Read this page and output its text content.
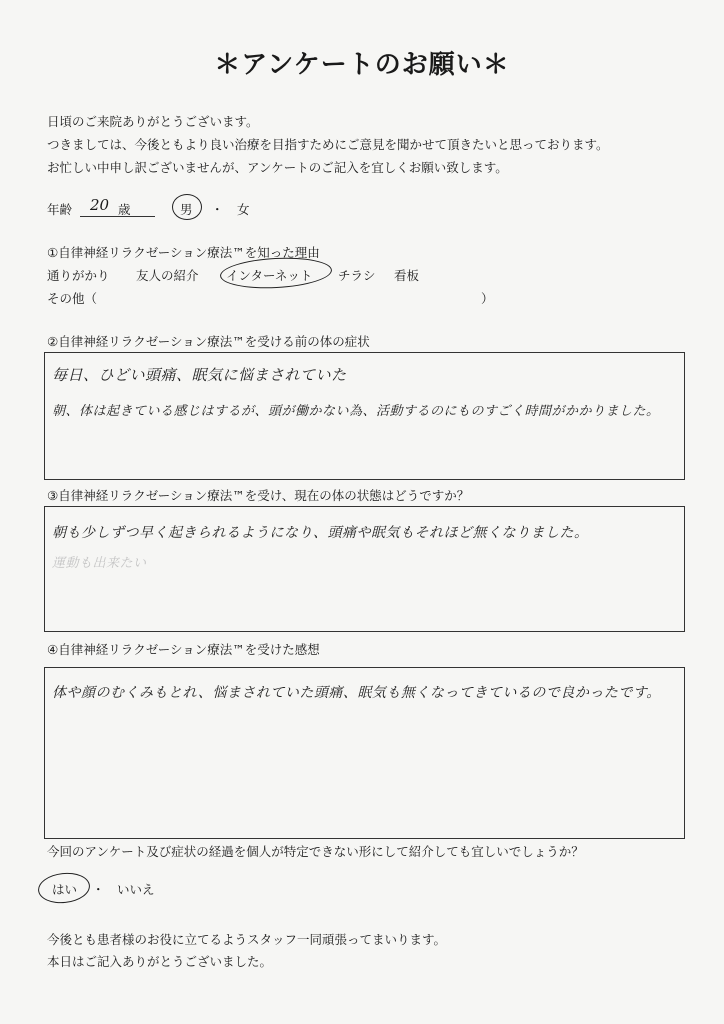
＊アンケートのお願い＊
日頃のご来院ありがとうございます。
つきましては、今後ともより良い治療を目指すためにご意見を聞かせて頂きたいと思っております。
お忙しい中申し訳ございませんが、アンケートのご記入を宜しくお願い致します。
年齢 20 歳	男 ・ 女
①自律神経リラクゼーション療法™を知った理由
通りがかり 友人の紹介 インターネット チラシ 看板
その他（	）
②自律神経リラクゼーション療法™を受ける前の体の症状
毎日、ひどい頭痛、眠気に悩まされていた
朝、体は起きている感じはするが、頭が働かない為、活動するのにものすごく時間がかかりました。
③自律神経リラクゼーション療法™を受け、現在の体の状態はどうですか？
朝も少しずつ早く起きられるようになり、頭痛や眠気もそれほど無くなりました。
運動も出来たい
④自律神経リラクゼーション療法™を受けた感想
体や顔のむくみもとれ、悩まされていた頭痛、眠気も無くなってきているので良かったです。
今回のアンケート及び症状の経過を個人が特定できない形にして紹介しても宜しいでしょうか？
はい ・ いいえ
今後とも患者様のお役に立てるようスタッフ一同頑張ってまいります。
本日はご記入ありがとうございました。
